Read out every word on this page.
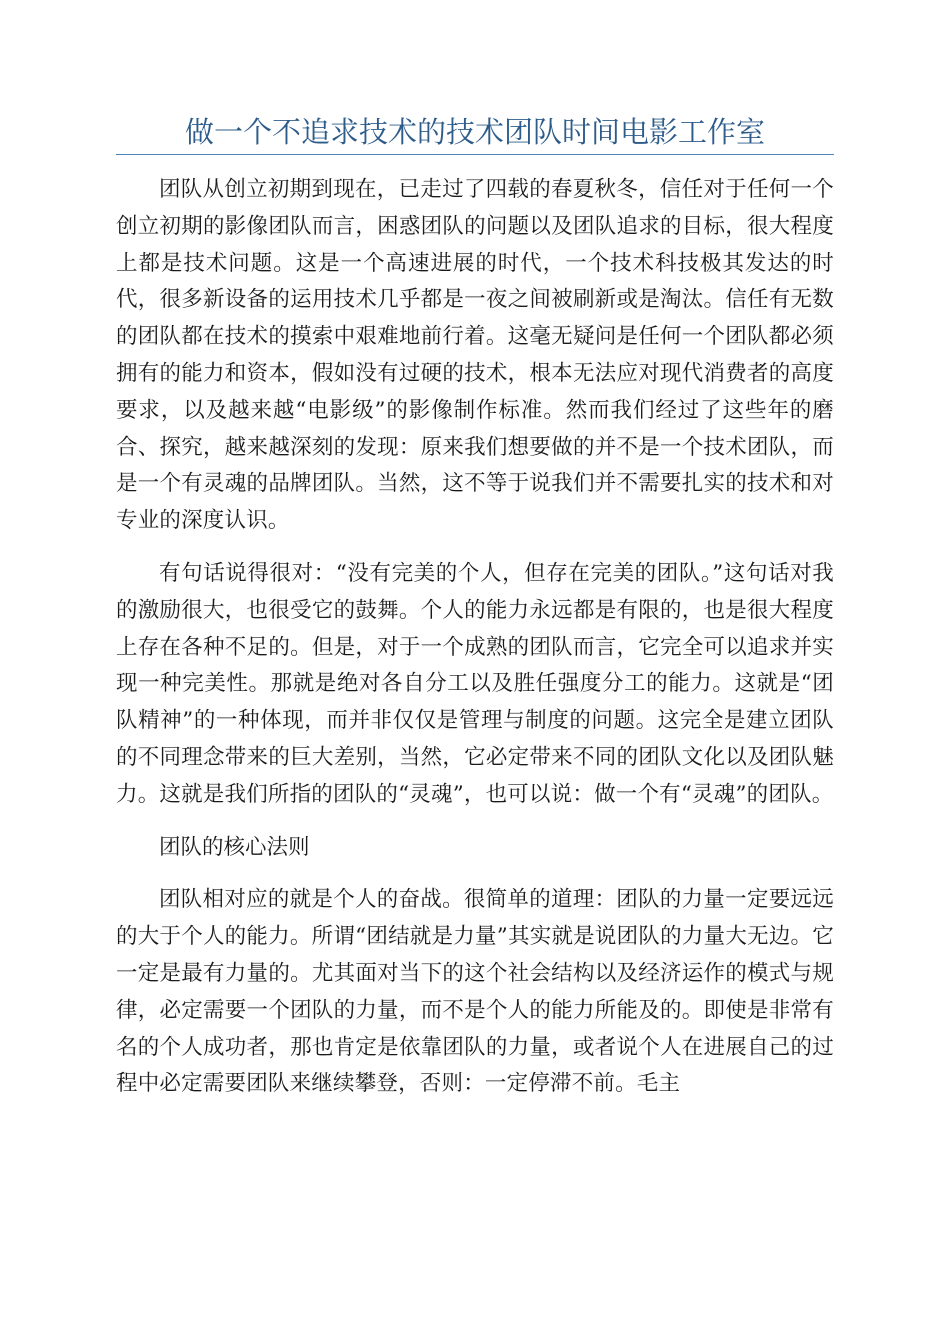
做一个不追求技术的技术团队时间电影工作室

团队从创立初期到现在，已走过了四载的春夏秋冬，信任对于任何一个创立初期的影像团队而言，困惑团队的问题以及团队追求的目标，很大程度上都是技术问题。这是一个高速进展的时代，一个技术科技极其发达的时代，很多新设备的运用技术几乎都是一夜之间被刷新或是淘汰。信任有无数的团队都在技术的摸索中艰难地前行着。这毫无疑问是任何一个团队都必须拥有的能力和资本，假如没有过硬的技术，根本无法应对现代消费者的高度要求，以及越来越“电影级”的影像制作标准。然而我们经过了这些年的磨合、探究，越来越深刻的发现：原来我们想要做的并不是一个技术团队，而是一个有灵魂的品牌团队。当然，这不等于说我们并不需要扎实的技术和对专业的深度认识。

有句话说得很对：“没有完美的个人，但存在完美的团队。”这句话对我的激励很大，也很受它的鼓舞。个人的能力永远都是有限的，也是很大程度上存在各种不足的。但是，对于一个成熟的团队而言，它完全可以追求并实现一种完美性。那就是绝对各自分工以及胜任强度分工的能力。这就是“团队精神”的一种体现，而并非仅仅是管理与制度的问题。这完全是建立团队的不同理念带来的巨大差别，当然，它必定带来不同的团队文化以及团队魅力。这就是我们所指的团队的“灵魂”，也可以说：做一个有“灵魂”的团队。

团队的核心法则

团队相对应的就是个人的奋战。很简单的道理：团队的力量一定要远远的大于个人的能力。所谓“团结就是力量”其实就是说团队的力量大无边。它一定是最有力量的。尤其面对当下的这个社会结构以及经济运作的模式与规律，必定需要一个团队的力量，而不是个人的能力所能及的。即使是非常有名的个人成功者，那也肯定是依靠团队的力量，或者说个人在进展自己的过程中必定需要团队来继续攀登，否则：一定停滞不前。毛主
